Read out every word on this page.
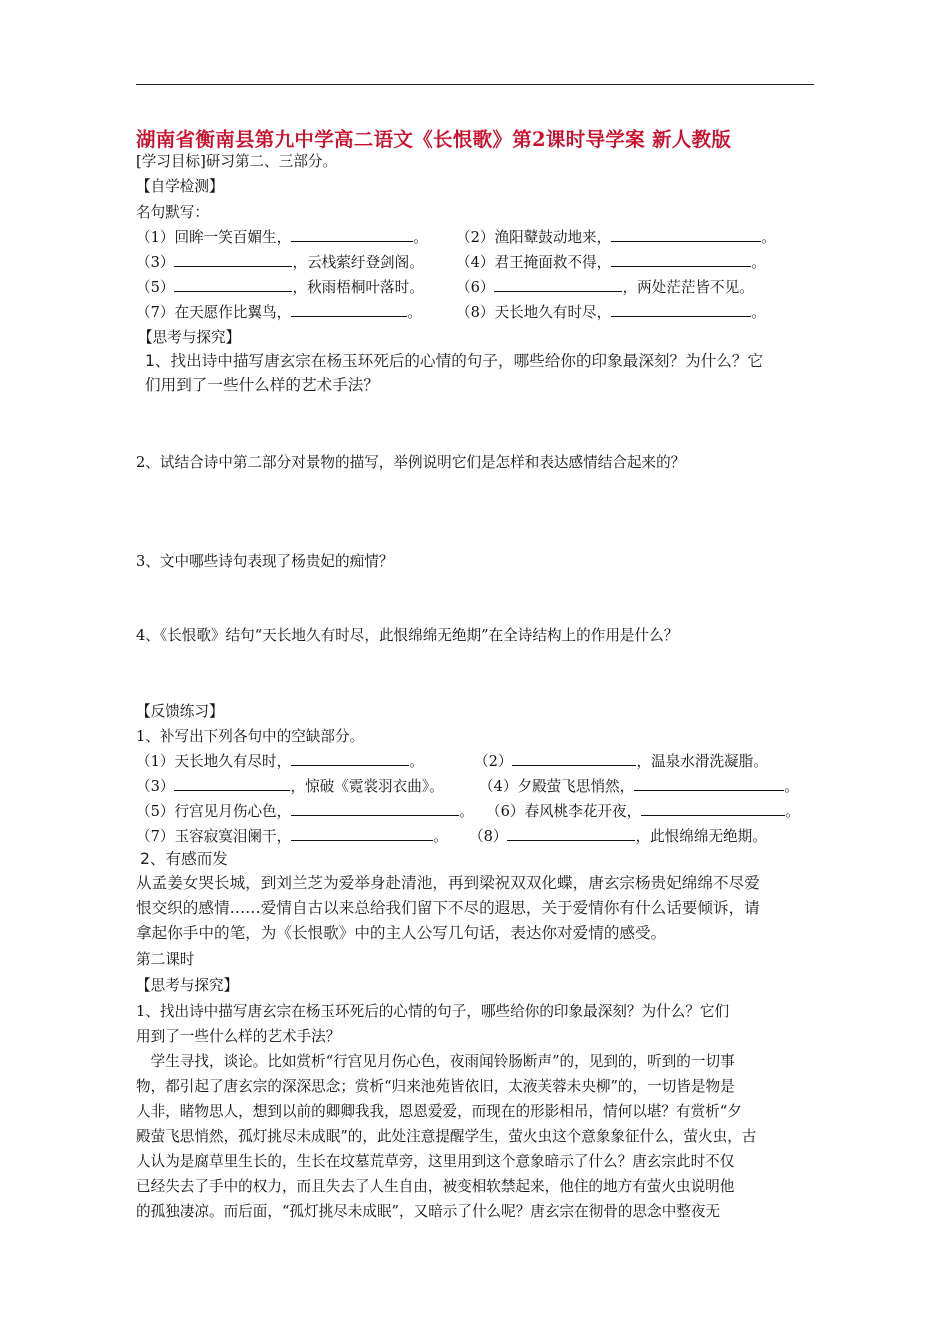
湖南省衡南县第九中学高二语文《长恨歌》第2课时导学案 新人教版
[学习目标]研习第二、三部分。
【自学检测】
名句默写：
（1）回眸一笑百媚生，	。 （2）渔阳鼙鼓动地来，	。
（3）	，云栈萦纡登剑阁。 （4）君王掩面救不得，	。
（5）	，秋雨梧桐叶落时。 （6）	，两处茫茫皆不见。
（7）在天愿作比翼鸟，	。 （8）天长地久有时尽，	。
【思考与探究】
1、找出诗中描写唐玄宗在杨玉环死后的心情的句子，哪些给你的印象最深刻？为什么？它
们用到了一些什么样的艺术手法？
2、试结合诗中第二部分对景物的描写，举例说明它们是怎样和表达感情结合起来的？
3、文中哪些诗句表现了杨贵妃的痴情？
4、《长恨歌》结句“天长地久有时尽，此恨绵绵无绝期”在全诗结构上的作用是什么？
【反馈练习】
1、补写出下列各句中的空缺部分。
（1）天长地久有尽时，	。	（2）	，温泉水滑洗凝脂。
（3）	，惊破《霓裳羽衣曲》。 （4）夕殿萤飞思悄然，	。
（5）行宫见月伤心色，	。 （6）春风桃李花开夜，	。
（7）玉容寂寞泪阑干，	。 （8）	，此恨绵绵无绝期。
2、有感而发
从孟姜女哭长城，到刘兰芝为爱举身赴清池，再到梁祝双双化蝶，唐玄宗杨贵妃绵绵不尽爱
恨交织的感情……爱情自古以来总给我们留下不尽的遐思，关于爱情你有什么话要倾诉，请
拿起你手中的笔，为《长恨歌》中的主人公写几句话，表达你对爱情的感受。
第二课时
【思考与探究】
1、找出诗中描写唐玄宗在杨玉环死后的心情的句子，哪些给你的印象最深刻？为什么？它们
用到了一些什么样的艺术手法？
　学生寻找，谈论。比如赏析“行宫见月伤心色，夜雨闻铃肠断声”的，见到的，听到的一切事
物，都引起了唐玄宗的深深思念；赏析“归来池苑皆依旧，太液芙蓉未央柳”的，一切皆是物是
人非，睹物思人，想到以前的卿卿我我，恩恩爱爱，而现在的形影相吊，情何以堪？有赏析“夕
殿萤飞思悄然，孤灯挑尽未成眠”的，此处注意提醒学生，萤火虫这个意象象征什么，萤火虫，古
人认为是腐草里生长的，生长在坟墓荒草旁，这里用到这个意象暗示了什么？唐玄宗此时不仅
已经失去了手中的权力，而且失去了人生自由，被变相软禁起来，他住的地方有萤火虫说明他
的孤独凄凉。而后面，“孤灯挑尽未成眠”，又暗示了什么呢？唐玄宗在彻骨的思念中整夜无
